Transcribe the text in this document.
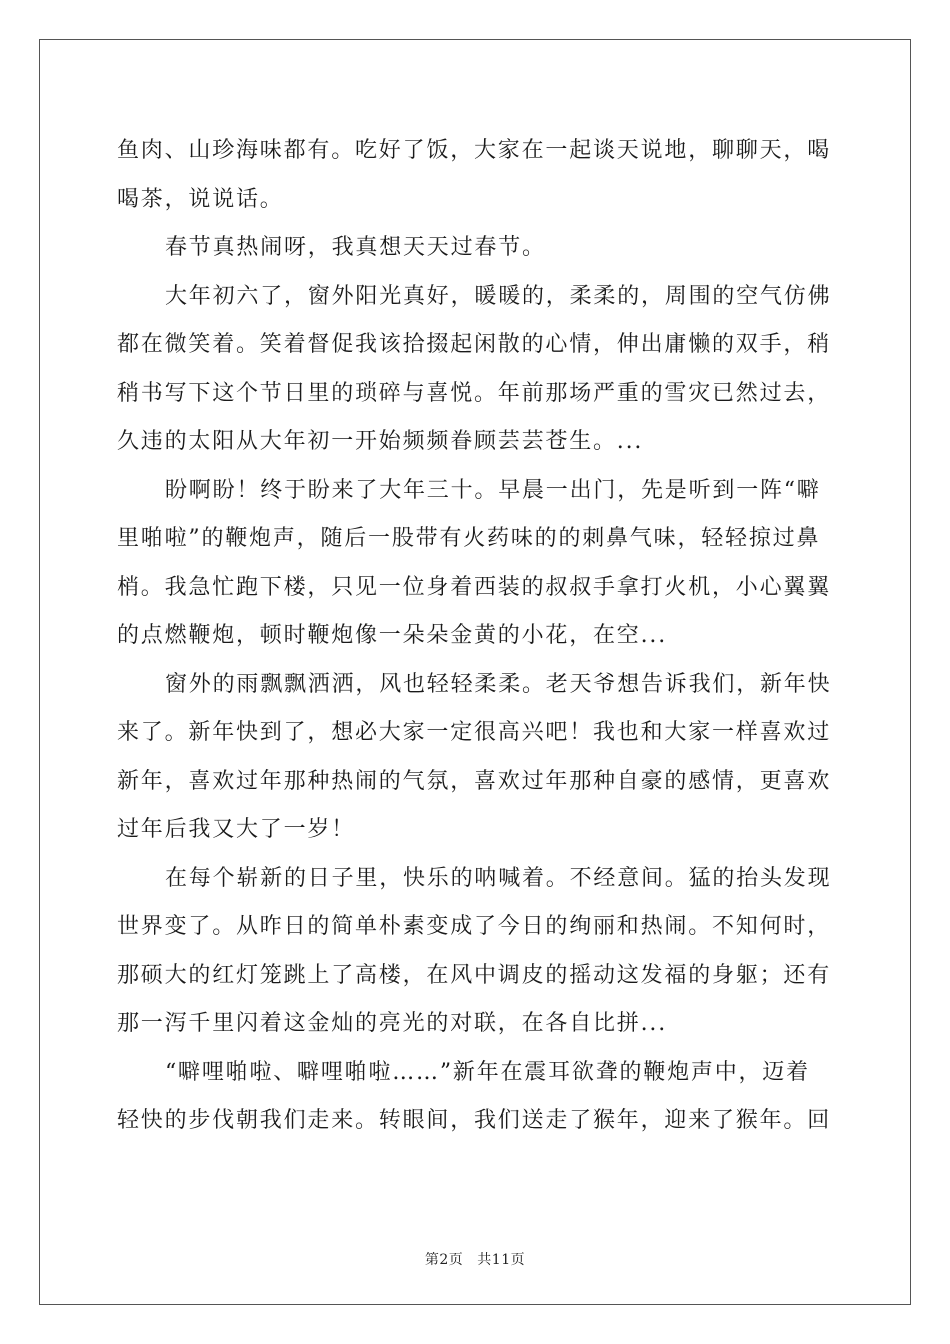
鱼肉、山珍海味都有。吃好了饭，大家在一起谈天说地，聊聊天，喝
喝茶，说说话。
春节真热闹呀，我真想天天过春节。
大年初六了，窗外阳光真好，暖暖的，柔柔的，周围的空气仿佛
都在微笑着。笑着督促我该拾掇起闲散的心情，伸出庸懒的双手，稍
稍书写下这个节日里的琐碎与喜悦。年前那场严重的雪灾已然过去，
久违的太阳从大年初一开始频频眷顾芸芸苍生。...
盼啊盼！终于盼来了大年三十。早晨一出门，先是听到一阵“噼
里啪啦”的鞭炮声，随后一股带有火药味的的刺鼻气味，轻轻掠过鼻
梢。我急忙跑下楼，只见一位身着西装的叔叔手拿打火机，小心翼翼
的点燃鞭炮，顿时鞭炮像一朵朵金黄的小花，在空...
窗外的雨飘飘洒洒，风也轻轻柔柔。老天爷想告诉我们，新年快
来了。新年快到了，想必大家一定很高兴吧！我也和大家一样喜欢过
新年，喜欢过年那种热闹的气氛，喜欢过年那种自豪的感情，更喜欢
过年后我又大了一岁！
在每个崭新的日子里，快乐的呐喊着。不经意间。猛的抬头发现
世界变了。从昨日的简单朴素变成了今日的绚丽和热闹。不知何时，
那硕大的红灯笼跳上了高楼，在风中调皮的摇动这发福的身躯；还有
那一泻千里闪着这金灿的亮光的对联，在各自比拼...
“噼哩啪啦、噼哩啪啦……”新年在震耳欲聋的鞭炮声中，迈着
轻快的步伐朝我们走来。转眼间，我们送走了猴年，迎来了猴年。回
第2页 共11页
